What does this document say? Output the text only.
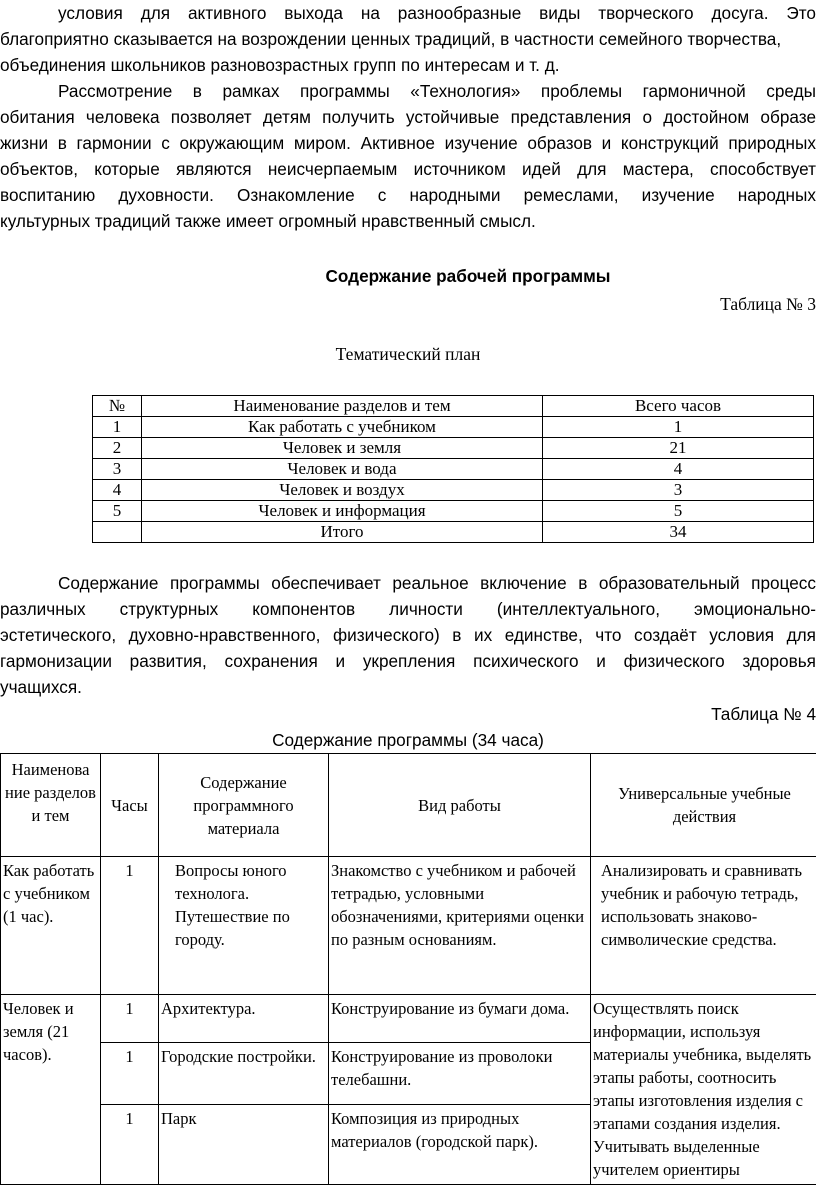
условия для активного выхода на разнообразные виды творческого досуга. Это
благоприятно сказывается на возрождении ценных традиций, в частности семейного творчества,
объединения школьников разновозрастных групп по интересам и т. д.
Рассмотрение в рамках программы «Технология» проблемы гармоничной среды
обитания человека позволяет детям получить устойчивые представления о достойном образе
жизни в гармонии с окружающим миром. Активное изучение образов и конструкций природных
объектов, которые являются неисчерпаемым источником идей для мастера, способствует
воспитанию духовности. Ознакомление с народными ремеслами, изучение народных
культурных традиций также имеет огромный нравственный смысл.
Содержание рабочей программы
Таблица № 3
Тематический план
№	Наименование разделов и тем	Всего часов
1	Как работать с учебником	1
2	Человек и земля	21
3	Человек и вода	4
4	Человек и воздух	3
5	Человек и информация	5
	Итого	34
Содержание программы обеспечивает реальное включение в образовательный процесс
различных структурных компонентов личности (интеллектуального, эмоционально-
эстетического, духовно-нравственного, физического) в их единстве, что создаёт условия для
гармонизации развития, сохранения и укрепления психического и физического здоровья
учащихся.
Таблица № 4
Содержание программы (34 часа)
Наименова ние разделов и тем	Часы	Содержание программного материала	Вид работы	Универсальные учебные действия
Как работать с учебником (1 час).	1	Вопросы юного технолога. Путешествие по городу.	Знакомство с учебником и рабочей тетрадью, условными обозначениями, критериями оценки по разным основаниям.	Анализировать и сравнивать учебник и рабочую тетрадь, использовать знаково-символические средства.
Человек и земля (21 часов).	1	Архитектура.	Конструирование из бумаги дома.	Осуществлять поиск информации, используя материалы учебника, выделять этапы работы, соотносить этапы изготовления изделия с этапами создания изделия. Учитывать выделенные учителем ориентиры
	1	Городские постройки.	Конструирование из проволоки телебашни.	
	1	Парк	Композиция из природных материалов (городской парк).	
